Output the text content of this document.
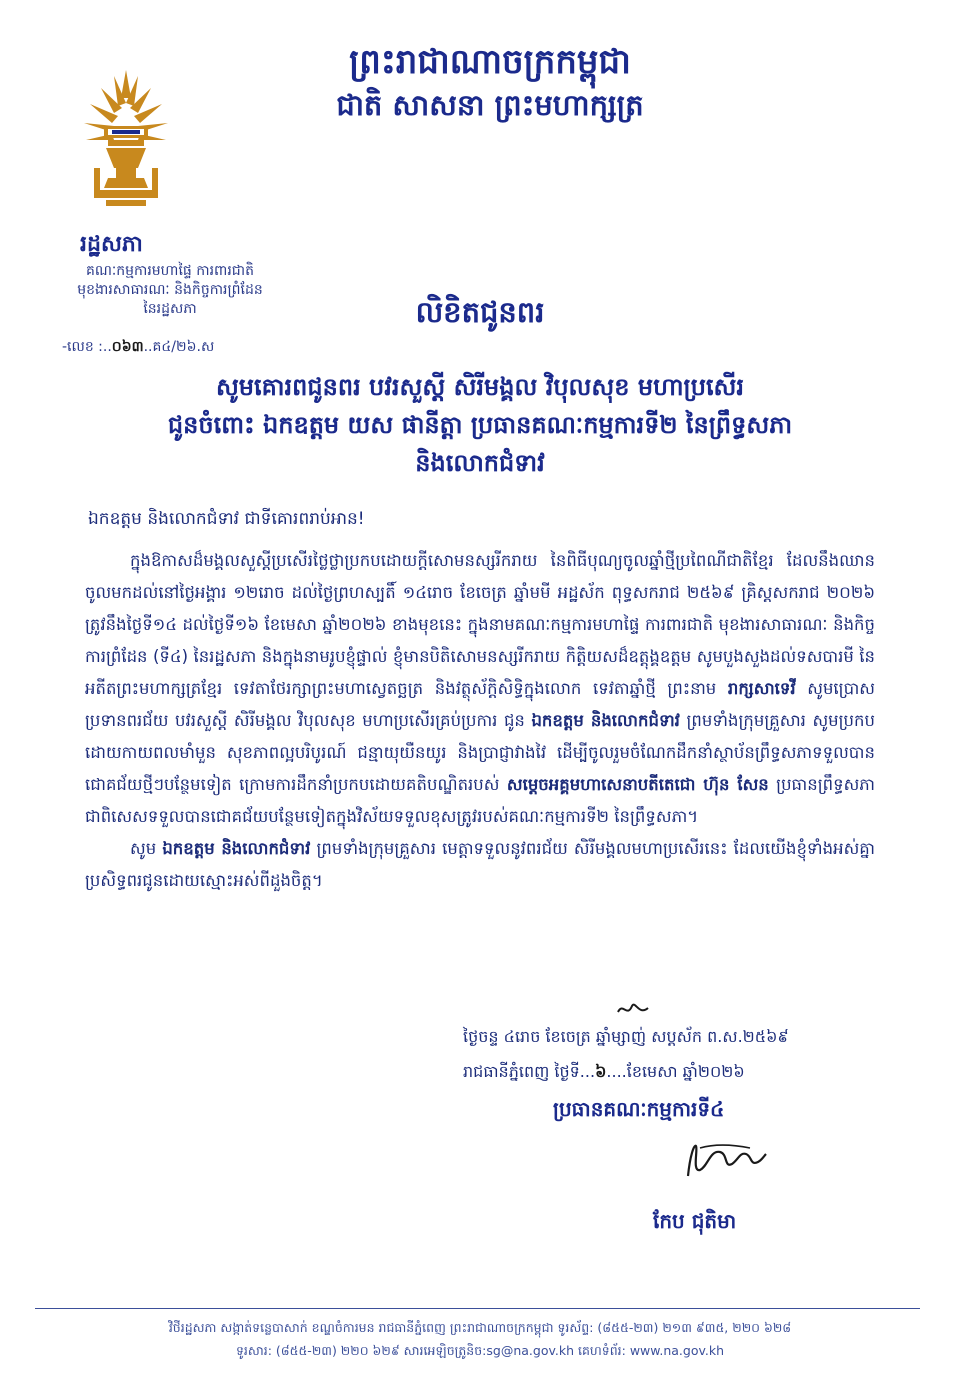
ព្រះរាជាណាចក្រកម្ពុជា
ជាតិ សាសនា ព្រះមហាក្សត្រ
រដ្ឋសភា
គណៈកម្មការមហាផ្ទៃ ការពារជាតិ
មុខងារសាធារណៈ និងកិច្ចការព្រំដែន
នៃរដ្ឋសភា
-លេខ :..០៦៣..គ៤/២៦.ស
លិខិតជូនពរ
សូមគោរពជូនពរ បវរសួស្តី សិរីមង្គល វិបុលសុខ មហាប្រសើរ
ជូនចំពោះ ឯកឧត្តម យស ផានីត្តា ប្រធានគណៈកម្មការទី២ នៃព្រឹទ្ធសភា
និងលោកជំទាវ
ឯកឧត្តម និងលោកជំទាវ ជាទីគោរពរាប់អាន!

ក្នុងឱកាសដ៏មង្គលសួស្តីប្រសើរថ្លៃថ្លាប្រកបដោយក្តីសោមនស្សរីករាយ នៃពិធីបុណ្យចូលឆ្នាំថ្មីប្រពៃណីជាតិខ្មែរ ដែលនឹងឈានចូលមកដល់នៅថ្ងៃអង្គារ ១២រោច ដល់ថ្ងៃព្រហស្បតិ៍ ១៤រោច ខែចេត្រ ឆ្នាំមមី អដ្ឋស័ក ពុទ្ធសករាជ ២៥៦៩ គ្រិស្តសករាជ ២០២៦ ត្រូវនឹងថ្ងៃទី១៤ ដល់ថ្ងៃទី១៦ ខែមេសា ឆ្នាំ២០២៦ ខាងមុខនេះ ក្នុងនាមគណៈកម្មការមហាផ្ទៃ ការពារជាតិ មុខងារសាធារណៈ និងកិច្ចការព្រំដែន (ទី៤) នៃរដ្ឋសភា និងក្នុងនាមរូបខ្ញុំផ្ទាល់ ខ្ញុំមានបិតិសោមនស្សរីករាយ កិត្តិយសដ៏ឧត្តុង្គឧត្តម សូមបួងសួងដល់ទសបារមី នៃអតីតព្រះមហាក្សត្រខ្មែរ ទេវតាថែរក្សាព្រះមហាស្វេតច្ឆត្រ និងវត្ថុស័ក្តិសិទ្ធិក្នុងលោក ទេវតាឆ្នាំថ្មី ព្រះនាម រាក្សសាទេវី សូមប្រោសប្រទានពរជ័យ បវរសួស្តី សិរីមង្គល វិបុលសុខ មហាប្រសើរគ្រប់ប្រការ ជូន ឯកឧត្តម និងលោកជំទាវ ព្រមទាំងក្រុមគ្រួសារ សូមប្រកបដោយកាយពលមាំមួន សុខភាពល្អបរិបូរណ៍ ជន្មាយុយឺនយូរ និងប្រាជ្ញាវាងវៃ ដើម្បីចូលរួមចំណែកដឹកនាំស្ថាប័នព្រឹទ្ធសភាទទួលបានជោគជ័យថ្មីៗបន្ថែមទៀត ក្រោមការដឹកនាំប្រកបដោយគតិបណ្ឌិតរបស់ សម្តេចអគ្គមហាសេនាបតីតេជោ ហ៊ុន សែន ប្រធានព្រឹទ្ធសភា ជាពិសេសទទួលបានជោគជ័យបន្ថែមទៀតក្នុងវិស័យទទួលខុសត្រូវរបស់គណៈកម្មការទី២ នៃព្រឹទ្ធសភា។

សូម ឯកឧត្តម និងលោកជំទាវ ព្រមទាំងក្រុមគ្រួសារ មេត្តាទទួលនូវពរជ័យ សិរីមង្គលមហាប្រសើរនេះ ដែលយើងខ្ញុំទាំងអស់គ្នា ប្រសិទ្ធពរជូនដោយស្មោះអស់ពីដួងចិត្ត។

ថ្ងៃចន្ទ ៤រោច ខែចេត្រ ឆ្នាំម្សាញ់ សប្តស័ក ព.ស.២៥៦៩
រាជធានីភ្នំពេញ ថ្ងៃទី...៦....ខែមេសា ឆ្នាំ២០២៦
ប្រធានគណៈកម្មការទី៤
កែប ជុតិមា
វិថីរដ្ឋសភា សង្កាត់ទន្លេបាសាក់ ខណ្ឌចំការមន រាជធានីភ្នំពេញ ព្រះរាជាណាចក្រកម្ពុជា ទូរស័ព្ទ: (៨៥៥-២៣) ២១៣ ៩៣៥, ២២០ ៦២៨
ទូរសារ: (៨៥៥-២៣) ២២០ ៦២៩ សារអេឡិចត្រូនិច:sg@na.gov.kh គេហទំព័រ: www.na.gov.kh
